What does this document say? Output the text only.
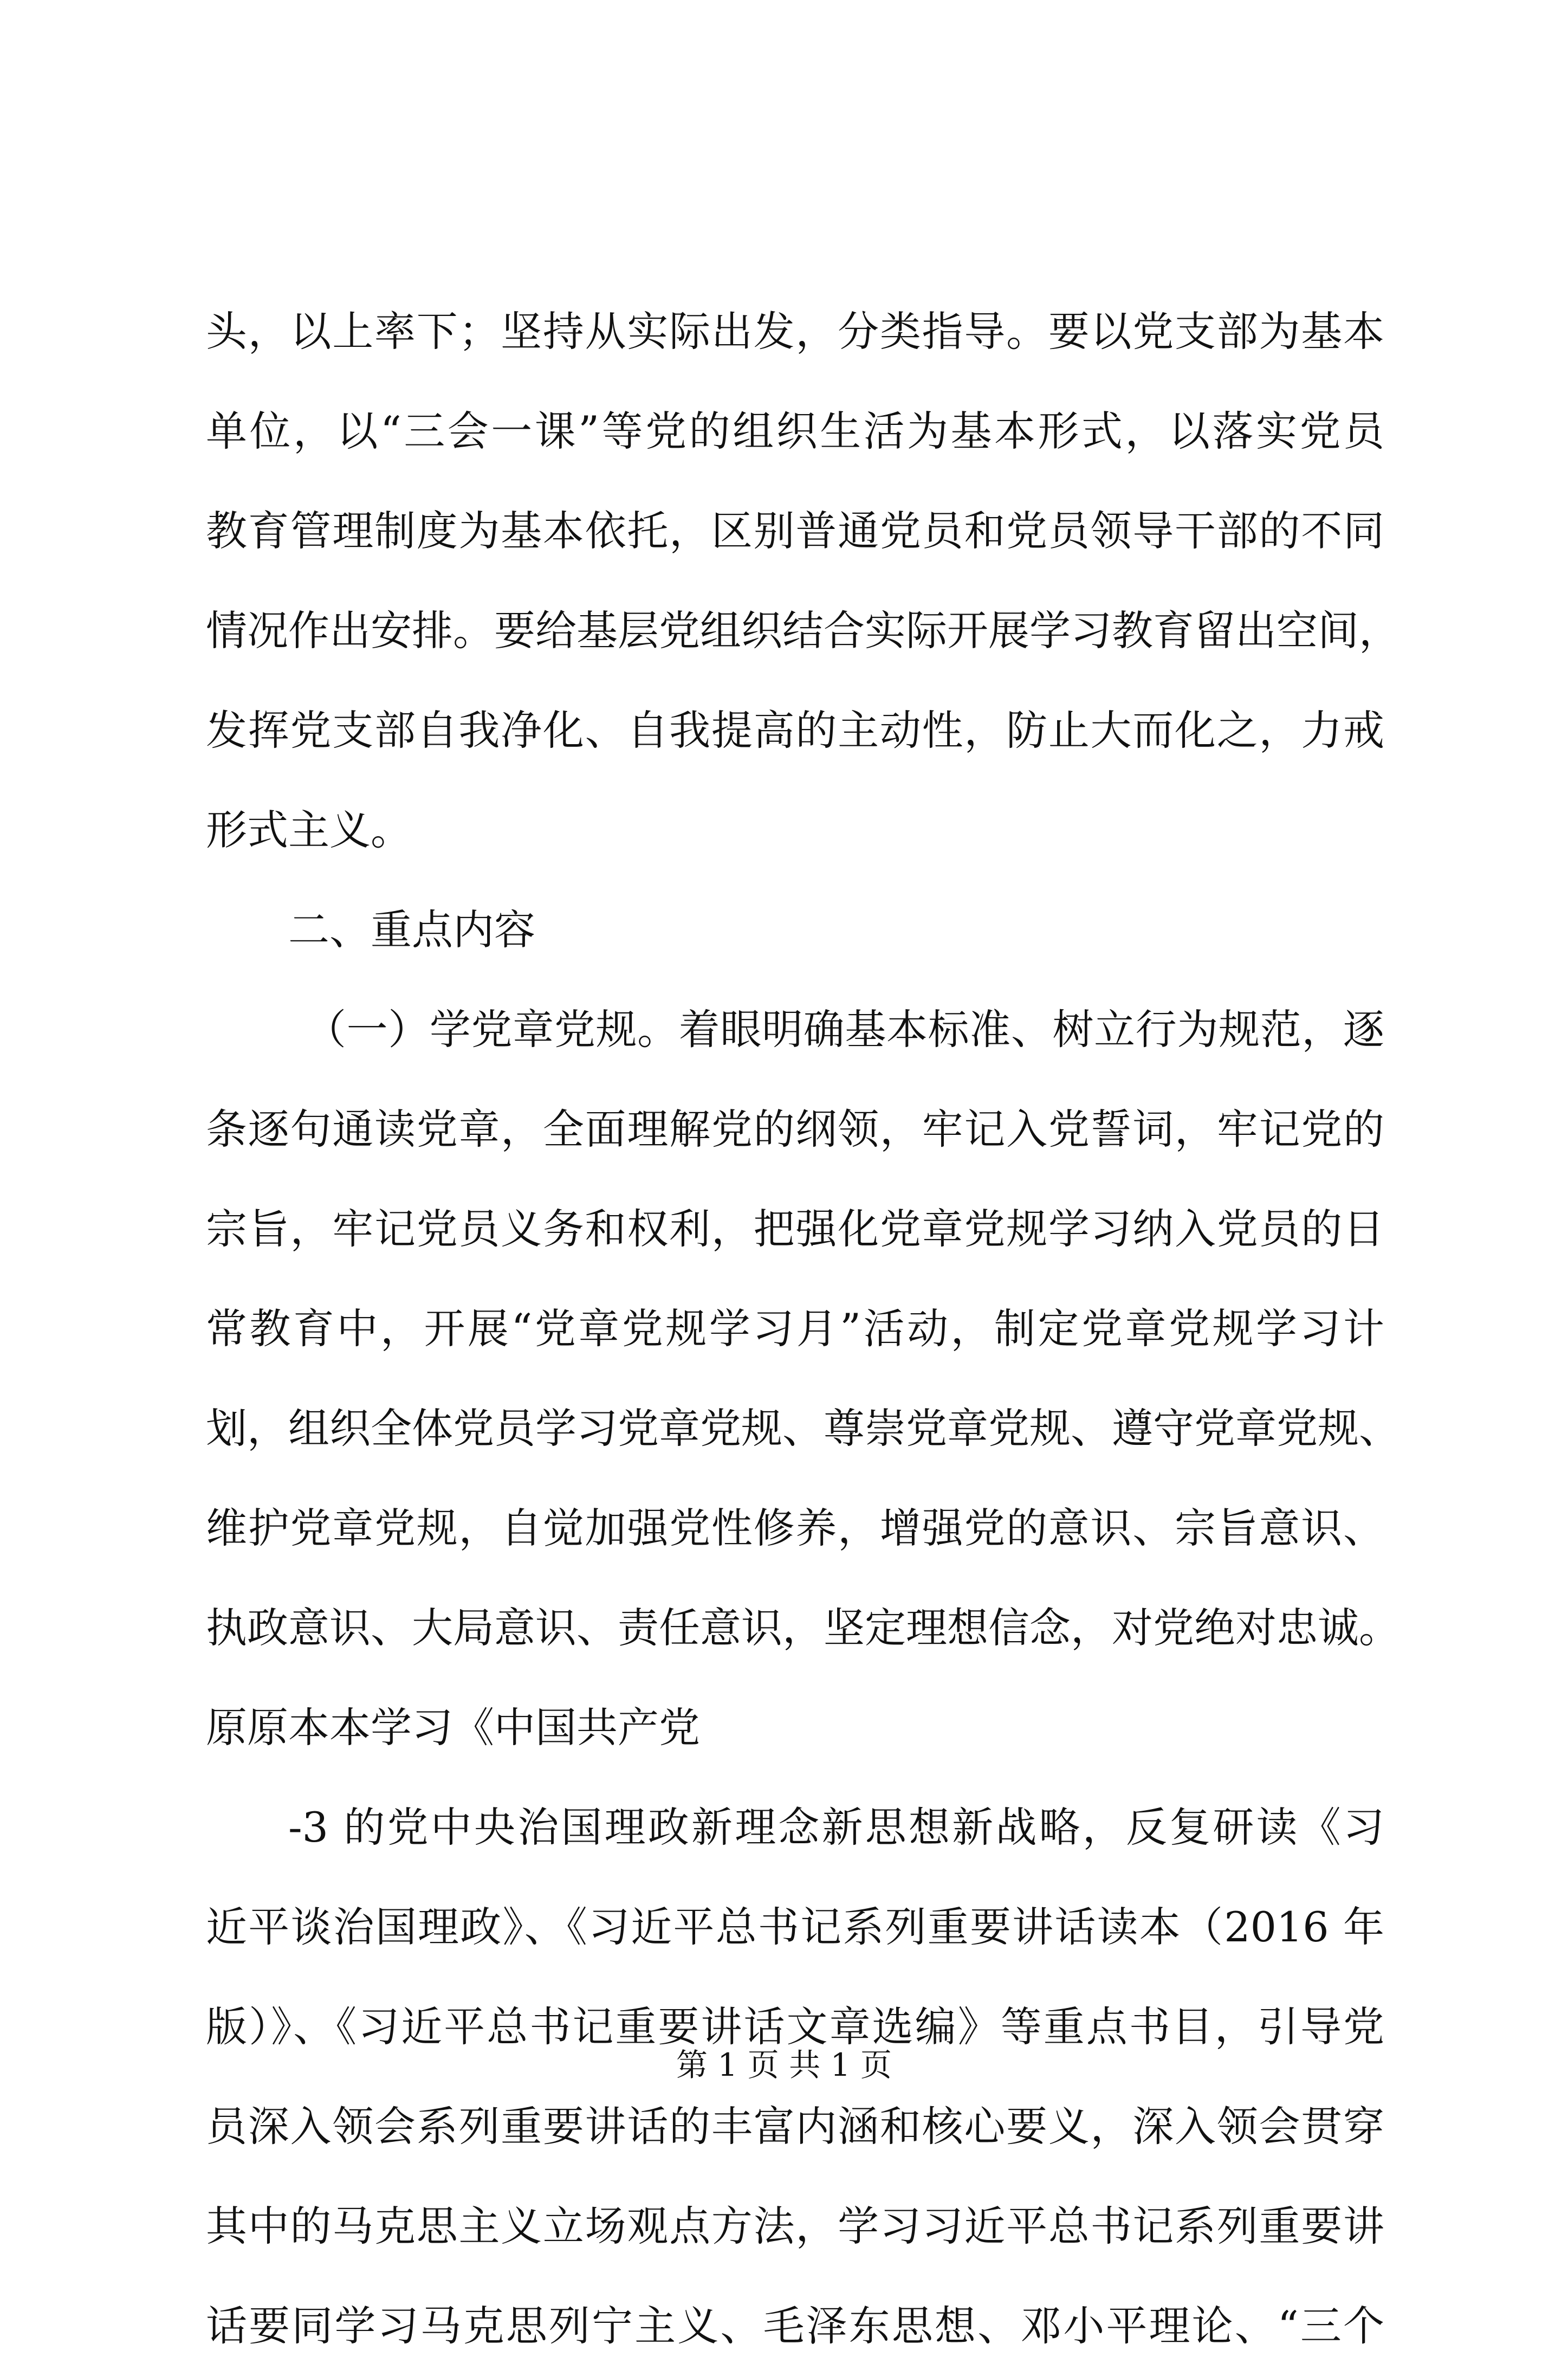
头，以上率下；坚持从实际出发，分类指导。要以党支部为基本
单位，以“三会一课”等党的组织生活为基本形式，以落实党员
教育管理制度为基本依托，区别普通党员和党员领导干部的不同
情况作出安排。要给基层党组织结合实际开展学习教育留出空间，
发挥党支部自我净化、自我提高的主动性，防止大而化之，力戒
形式主义。
二、重点内容
（一）学党章党规。着眼明确基本标准、树立行为规范，逐
条逐句通读党章，全面理解党的纲领，牢记入党誓词，牢记党的
宗旨，牢记党员义务和权利，把强化党章党规学习纳入党员的日
常教育中，开展“党章党规学习月”活动，制定党章党规学习计
划，组织全体党员学习党章党规、尊崇党章党规、遵守党章党规、
维护党章党规，自觉加强党性修养，增强党的意识、宗旨意识、
执政意识、大局意识、责任意识，坚定理想信念，对党绝对忠诚。
原原本本学习《中国共产党
-3 的党中央治国理政新理念新思想新战略，反复研读《习
近平谈治国理政》、《习近平总书记系列重要讲话读本（2016 年
版）》、《习近平总书记重要讲话文章选编》等重点书目，引导党
员深入领会系列重要讲话的丰富内涵和核心要义，深入领会贯穿
其中的马克思主义立场观点方法，学习习近平总书记系列重要讲
话要同学习马克思列宁主义、毛泽东思想、邓小平理论、“三个
第 1 页 共 1 页
